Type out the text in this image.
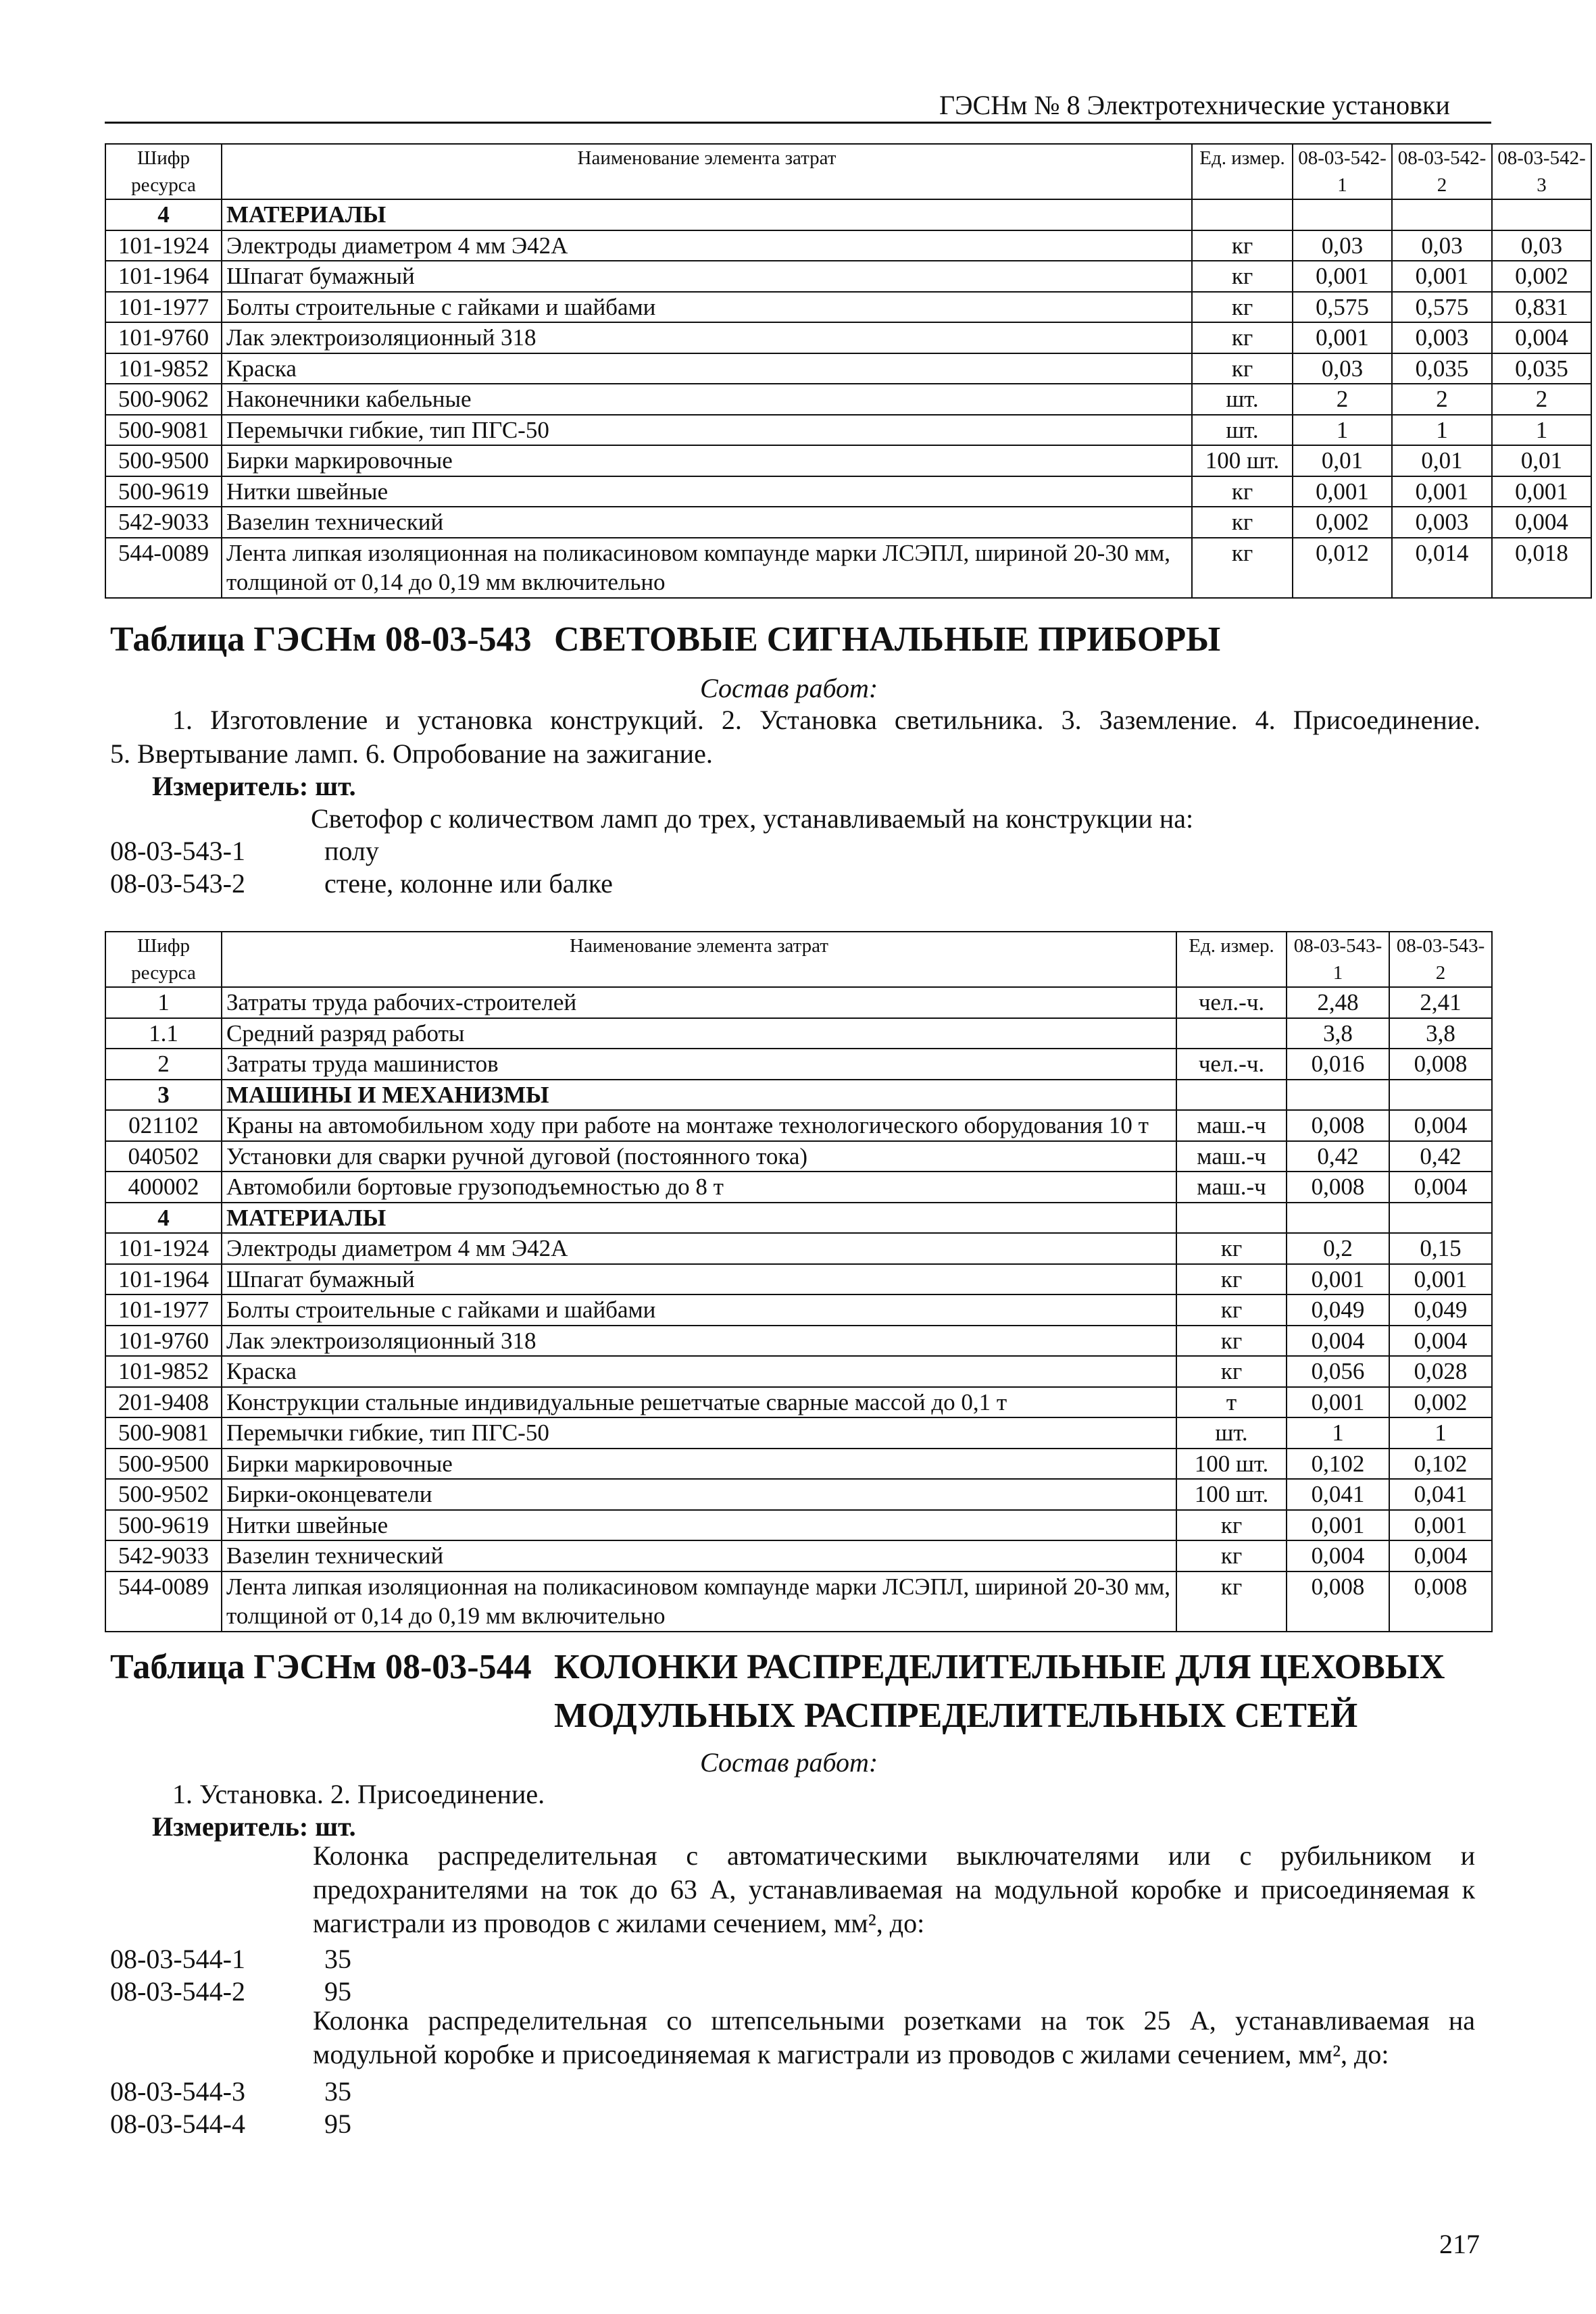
ГЭСНм № 8 Электротехнические установки
Шифр ресурса	Наименование элемента затрат	Ед. измер.	08-03-542-1	08-03-542-2	08-03-542-3
4	МАТЕРИАЛЫ				
101-1924	Электроды диаметром 4 мм Э42А	кг	0,03	0,03	0,03
101-1964	Шпагат бумажный	кг	0,001	0,001	0,002
101-1977	Болты строительные с гайками и шайбами	кг	0,575	0,575	0,831
101-9760	Лак электроизоляционный 318	кг	0,001	0,003	0,004
101-9852	Краска	кг	0,03	0,035	0,035
500-9062	Наконечники кабельные	шт.	2	2	2
500-9081	Перемычки гибкие, тип ПГС-50	шт.	1	1	1
500-9500	Бирки маркировочные	100 шт.	0,01	0,01	0,01
500-9619	Нитки швейные	кг	0,001	0,001	0,001
542-9033	Вазелин технический	кг	0,002	0,003	0,004
544-0089	Лента липкая изоляционная на поликасиновом компаунде марки ЛСЭПЛ, шириной 20-30 мм, толщиной от 0,14 до 0,19 мм включительно	кг	0,012	0,014	0,018
Таблица ГЭСНм 08-03-543 СВЕТОВЫЕ СИГНАЛЬНЫЕ ПРИБОРЫ
Состав работ:
1. Изготовление и установка конструкций. 2. Установка светильника. 3. Заземление. 4. Присоединение.
5. Ввертывание ламп. 6. Опробование на зажигание.
Измеритель: шт.
Светофор с количеством ламп до трех, устанавливаемый на конструкции на:
08-03-543-1	полу
08-03-543-2	стене, колонне или балке
Шифр ресурса	Наименование элемента затрат	Ед. измер.	08-03-543-1	08-03-543-2
1	Затраты труда рабочих-строителей	чел.-ч.	2,48	2,41
1.1	Средний разряд работы		3,8	3,8
2	Затраты труда машинистов	чел.-ч.	0,016	0,008
3	МАШИНЫ И МЕХАНИЗМЫ			
021102	Краны на автомобильном ходу при работе на монтаже технологического оборудования 10 т	маш.-ч	0,008	0,004
040502	Установки для сварки ручной дуговой (постоянного тока)	маш.-ч	0,42	0,42
400002	Автомобили бортовые грузоподъемностью до 8 т	маш.-ч	0,008	0,004
4	МАТЕРИАЛЫ			
101-1924	Электроды диаметром 4 мм Э42А	кг	0,2	0,15
101-1964	Шпагат бумажный	кг	0,001	0,001
101-1977	Болты строительные с гайками и шайбами	кг	0,049	0,049
101-9760	Лак электроизоляционный 318	кг	0,004	0,004
101-9852	Краска	кг	0,056	0,028
201-9408	Конструкции стальные индивидуальные решетчатые сварные массой до 0,1 т	т	0,001	0,002
500-9081	Перемычки гибкие, тип ПГС-50	шт.	1	1
500-9500	Бирки маркировочные	100 шт.	0,102	0,102
500-9502	Бирки-оконцеватели	100 шт.	0,041	0,041
500-9619	Нитки швейные	кг	0,001	0,001
542-9033	Вазелин технический	кг	0,004	0,004
544-0089	Лента липкая изоляционная на поликасиновом компаунде марки ЛСЭПЛ, шириной 20-30 мм, толщиной от 0,14 до 0,19 мм включительно	кг	0,008	0,008
Таблица ГЭСНм 08-03-544 КОЛОНКИ РАСПРЕДЕЛИТЕЛЬНЫЕ ДЛЯ ЦЕХОВЫХ
МОДУЛЬНЫХ РАСПРЕДЕЛИТЕЛЬНЫХ СЕТЕЙ
Состав работ:
1. Установка. 2. Присоединение.
Измеритель: шт.
Колонка распределительная с автоматическими выключателями или с рубильником и предохранителями на ток до 63 А, устанавливаемая на модульной коробке и присоединяемая к магистрали из проводов с жилами сечением, мм², до:
08-03-544-1	35
08-03-544-2	95
Колонка распределительная со штепсельными розетками на ток 25 А, устанавливаемая на модульной коробке и присоединяемая к магистрали из проводов с жилами сечением, мм², до:
08-03-544-3	35
08-03-544-4	95
217
